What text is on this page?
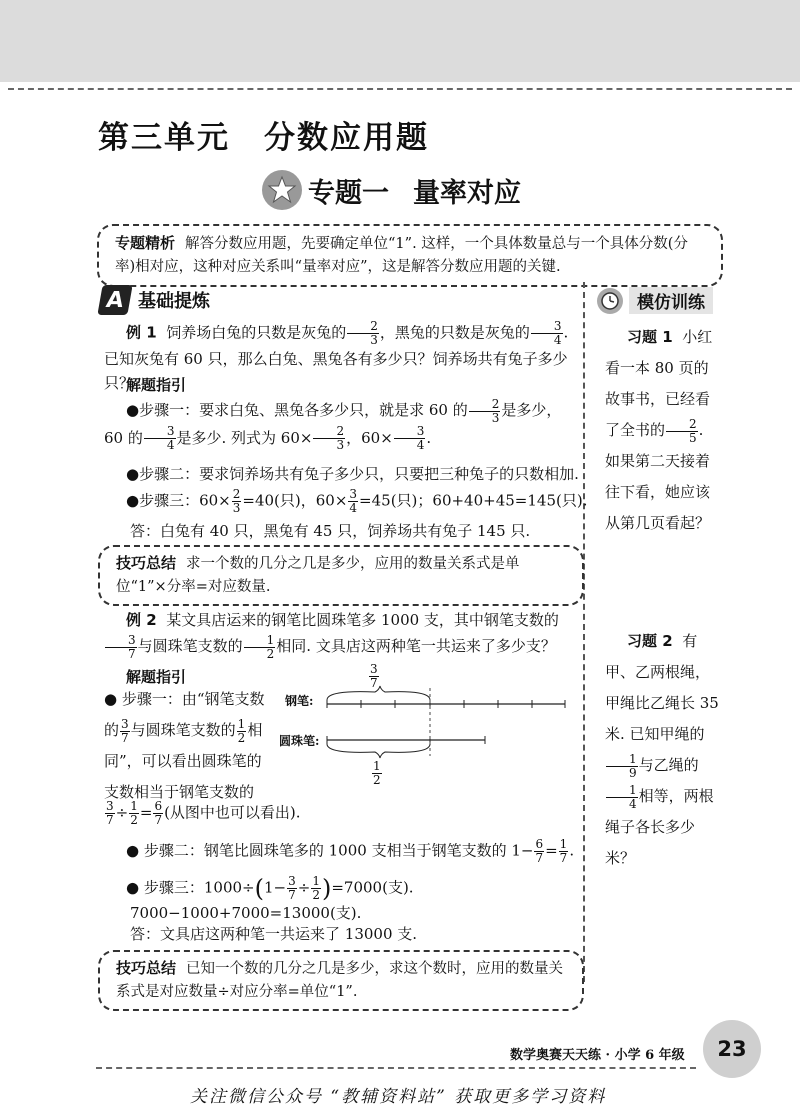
第三单元 分数应用题
专题一 量率对应
专题精析 解答分数应用题，先要确定单位“1”. 这样，一个具体数量总与一个具体分数(分率)相对应，这种对应关系叫“量率对应”，这是解答分数应用题的关键.
A 基础提炼	模仿训练
例 1 饲养场白兔的只数是灰兔的 $\frac{2}{3}$ ，黑兔的只数是灰兔的 $\frac{3}{4}$ . 已知灰兔有 60 只，那么白兔、黑兔各有多少只？饲养场共有兔子多少只？
解题指引
●步骤一：要求白兔、黑兔各多少只，就是求 60 的 $\frac{2}{3}$ 是多少，60 的 $\frac{3}{4}$ 是多少. 列式为 $60\times \frac{2}{3}$ ，$60\times \frac{3}{4}$ .
●步骤二：要求饲养场共有兔子多少只，只要把三种兔子的只数相加.
●步骤三：$60\times \frac{2}{3} =40$(只)，$60\times \frac{3}{4} =45$(只)；60+40+45=145(只).
答：白兔有 40 只，黑兔有 45 只，饲养场共有兔子 145 只.
技巧总结 求一个数的几分之几是多少，应用的数量关系式是单位“1”×分率=对应数量.
例 2 某文具店运来的钢笔比圆珠笔多 1000 支，其中钢笔支数的
$\frac{3}{7}$ 与圆珠笔支数的 $\frac{1}{2}$ 相同. 文具店这两种笔一共运来了多少支？
解题指引
● 步骤一：由“钢笔支数的 $\frac{3}{7}$ 与圆珠笔支数的 $\frac{1}{2}$ 相同”，可以看出圆珠笔的支数相当于钢笔支数的
$\frac{3}{7} \div \frac{1}{2} = \frac{6}{7}$ (从图中也可以看出).
$\frac{3}{7}$
钢笔:
圆珠笔:
$\frac{1}{2}$
● 步骤二：钢笔比圆珠笔多的 1000 支相当于钢笔支数的 $1- \frac{6}{7} = \frac{1}{7}$ .
● 步骤三：$1000\div(1- \frac{3}{7} \div \frac{1}{2} )=7000$(支).
7000−1000+7000=13000(支).
答：文具店这两种笔一共运来了 13000 支.
技巧总结 已知一个数的几分之几是多少，求这个数时，应用的数量关系式是对应数量÷对应分率=单位“1”.
习题 1 小红看一本 80 页的故事书，已经看了全书的 $\frac{2}{5}$ . 如果第二天接着往下看，她应该从第几页看起？
习题 2 有甲、乙两根绳，甲绳比乙绳长 35 米. 已知甲绳的
$\frac{1}{9}$ 与乙绳的
$\frac{1}{4}$ 相等，两根绳子各长多少米？
数学奥赛天天练 · 小学 6 年级 23
关注微信公众号 “教辅资料站” 获取更多学习资料
